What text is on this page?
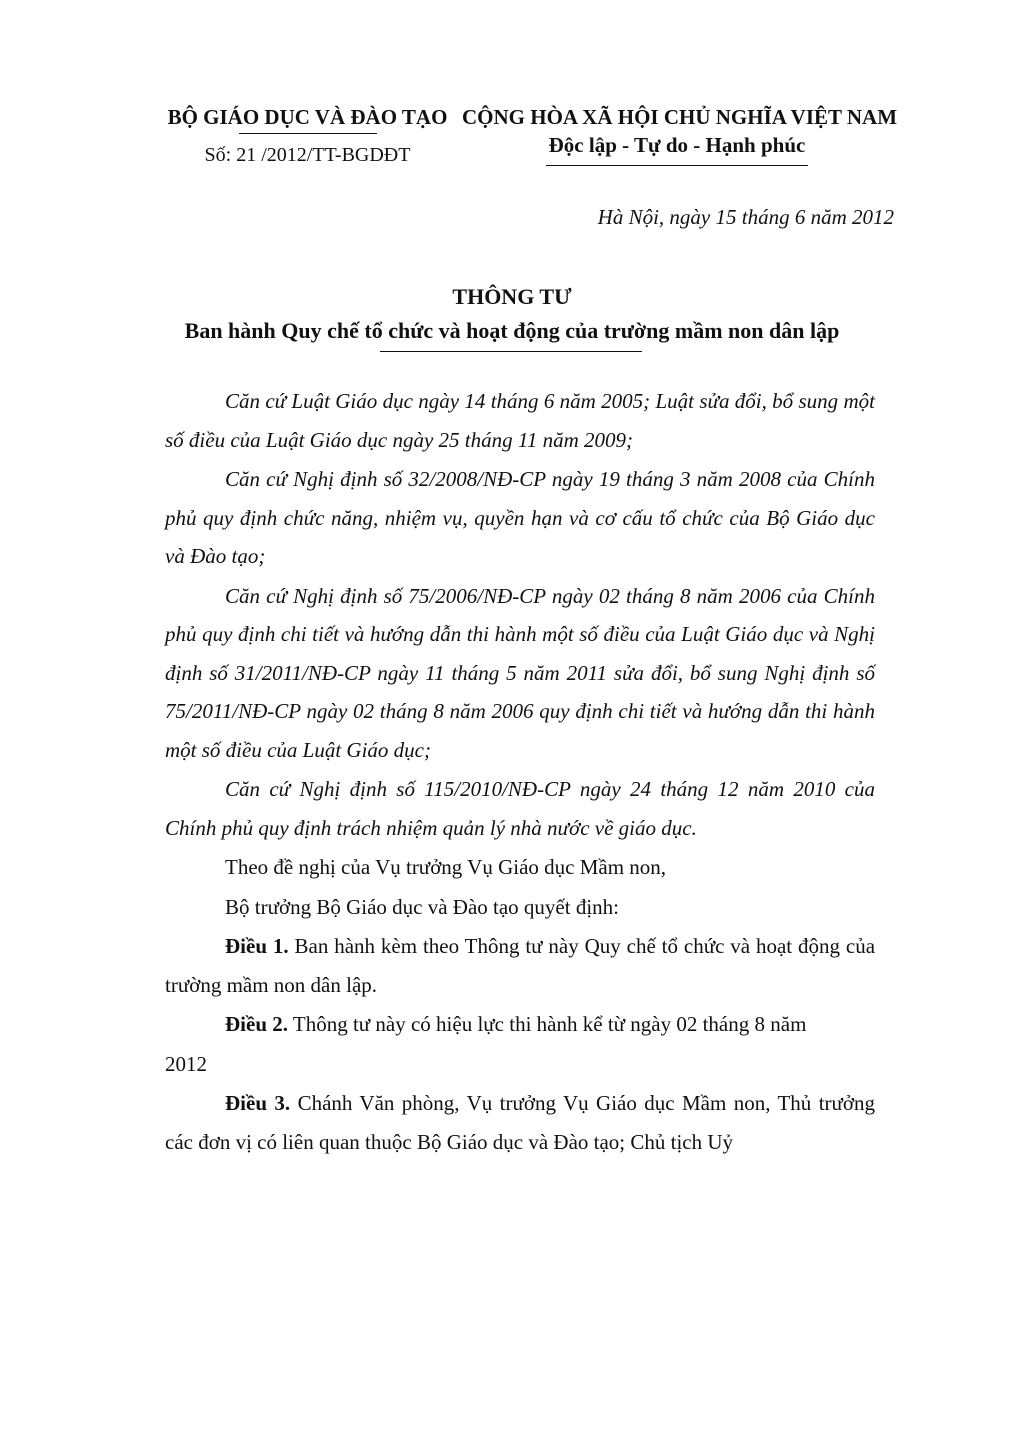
BỘ GIÁO DỤC VÀ ĐÀO TẠO
Số: 21 /2012/TT-BGDĐT
CỘNG HÒA XÃ HỘI CHỦ NGHĨA VIỆT NAM
Độc lập - Tự do - Hạnh phúc
Hà Nội, ngày 15 tháng 6 năm 2012
THÔNG TƯ
Ban hành Quy chế tổ chức và hoạt động của trường mầm non dân lập

Căn cứ Luật Giáo dục ngày 14 tháng 6 năm 2005; Luật sửa đổi, bổ sung một số điều của Luật Giáo dục ngày 25 tháng 11 năm 2009;

Căn cứ Nghị định số 32/2008/NĐ-CP ngày 19 tháng 3 năm 2008 của Chính phủ quy định chức năng, nhiệm vụ, quyền hạn và cơ cấu tổ chức của Bộ Giáo dục và Đào tạo;

Căn cứ Nghị định số 75/2006/NĐ-CP ngày 02 tháng 8 năm 2006 của Chính phủ quy định chi tiết và hướng dẫn thi hành một số điều của Luật Giáo dục và Nghị định số 31/2011/NĐ-CP ngày 11 tháng 5 năm 2011 sửa đổi, bổ sung Nghị định số 75/2011/NĐ-CP ngày 02 tháng 8 năm 2006 quy định chi tiết và hướng dẫn thi hành một số điều của Luật Giáo dục;

Căn cứ Nghị định số 115/2010/NĐ-CP ngày 24 tháng 12 năm 2010 của Chính phủ quy định trách nhiệm quản lý nhà nước về giáo dục.

Theo đề nghị của Vụ trưởng Vụ Giáo dục Mầm non,

Bộ trưởng Bộ Giáo dục và Đào tạo quyết định:

Điều 1. Ban hành kèm theo Thông tư này Quy chế tổ chức và hoạt động của trường mầm non dân lập.

Điều 2. Thông tư này có hiệu lực thi hành kể từ ngày 02 tháng 8 năm

2012

Điều 3. Chánh Văn phòng, Vụ trưởng Vụ Giáo dục Mầm non, Thủ trưởng các đơn vị có liên quan thuộc Bộ Giáo dục và Đào tạo; Chủ tịch Uỷ
